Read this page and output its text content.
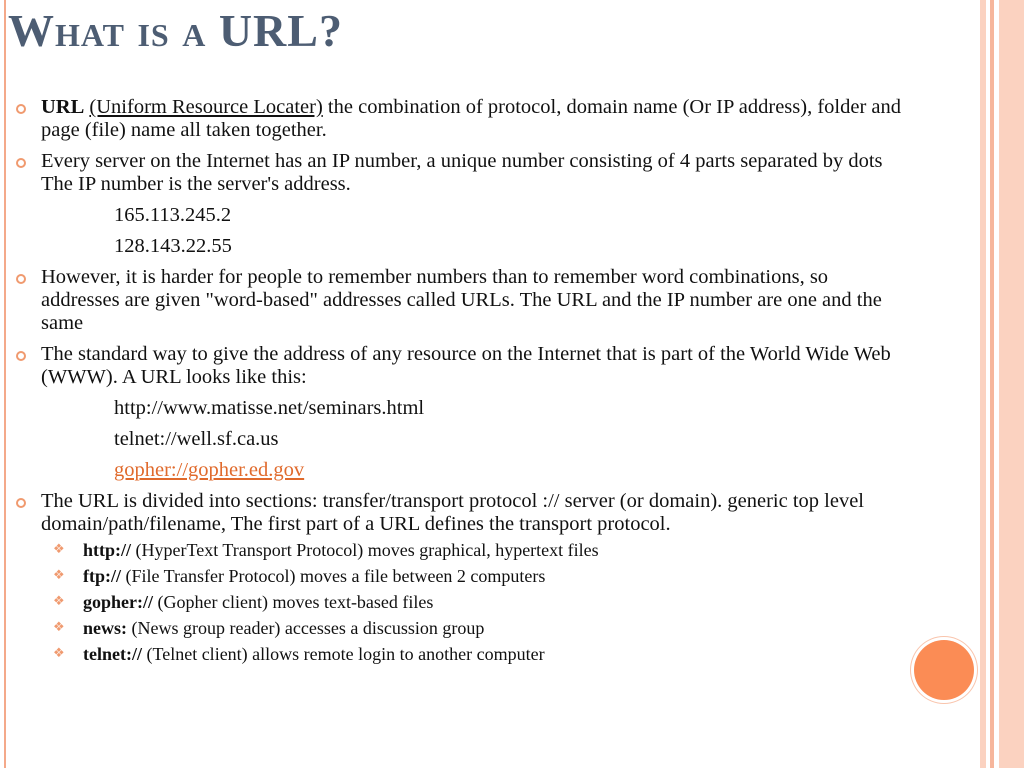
What is a URL?
URL (Uniform Resource Locater) the combination of protocol, domain name (Or IP address), folder and page (file) name all taken together.
Every server on the Internet has an IP number, a unique number consisting of 4 parts separated by dots The IP number is the server's address.
165.113.245.2
128.143.22.55
However, it is harder for people to remember numbers than to remember word combinations, so addresses are given "word-based" addresses called URLs. The URL and the IP number are one and the same
The standard way to give the address of any resource on the Internet that is part of the World Wide Web (WWW). A URL looks like this:
http://www.matisse.net/seminars.html
telnet://well.sf.ca.us
gopher://gopher.ed.gov
The URL is divided into sections: transfer/transport protocol :// server (or domain). generic top level domain/path/filename, The first part of a URL defines the transport protocol.
❖ http:// (HyperText Transport Protocol) moves graphical, hypertext files
❖ ftp:// (File Transfer Protocol) moves a file between 2 computers
❖ gopher:// (Gopher client) moves text-based files
❖ news: (News group reader) accesses a discussion group
❖ telnet:// (Telnet client) allows remote login to another computer
